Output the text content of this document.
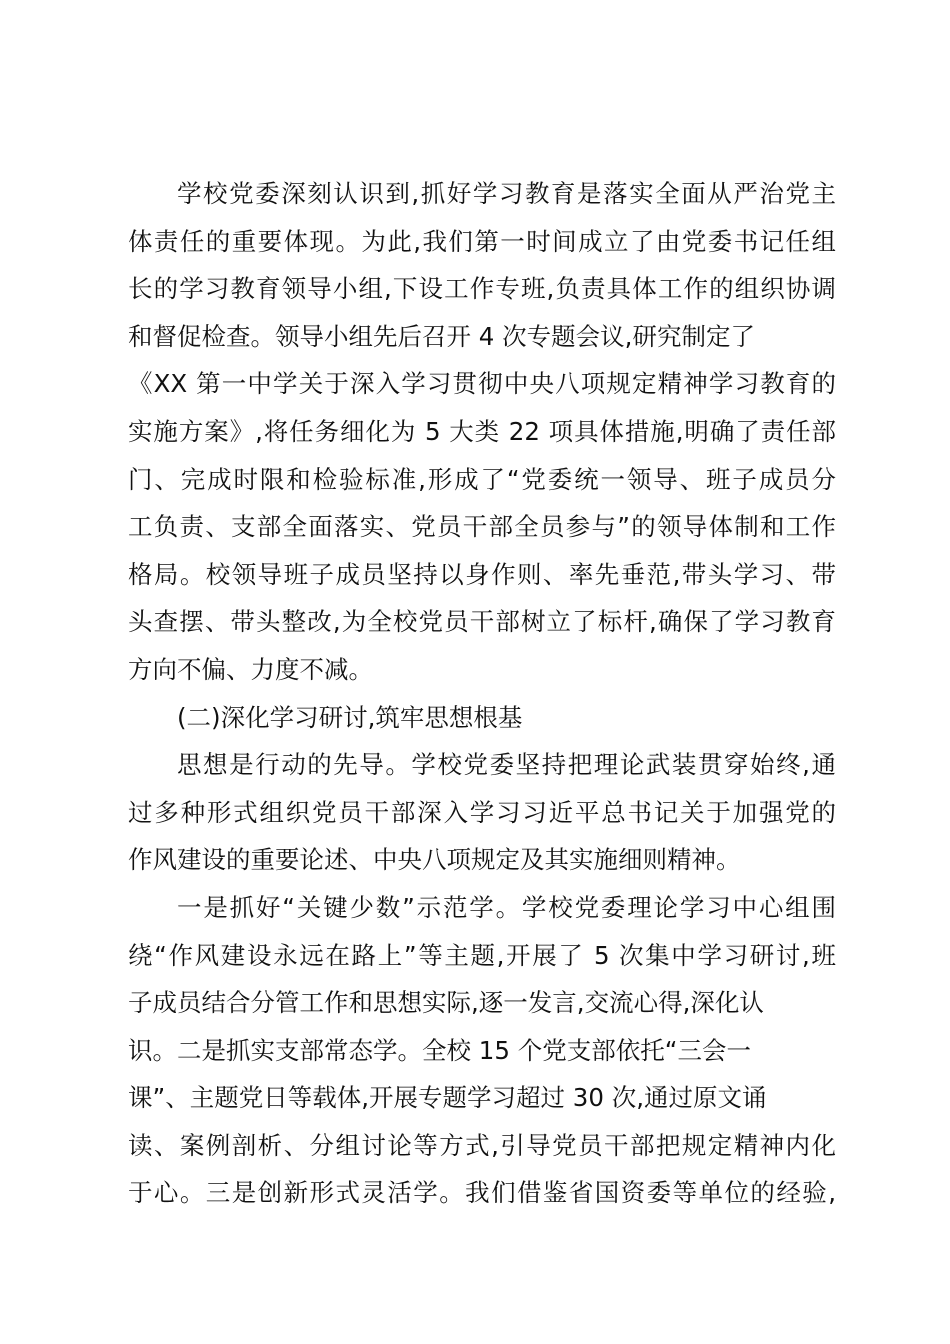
学校党委深刻认识到,抓好学习教育是落实全面从严治党主
体责任的重要体现。为此,我们第一时间成立了由党委书记任组
长的学习教育领导小组,下设工作专班,负责具体工作的组织协调
和督促检查。领导小组先后召开 4 次专题会议,研究制定了
《XX 第一中学关于深入学习贯彻中央八项规定精神学习教育的
实施方案》,将任务细化为 5 大类 22 项具体措施,明确了责任部
门、完成时限和检验标准,形成了“党委统一领导、班子成员分
工负责、支部全面落实、党员干部全员参与”的领导体制和工作
格局。校领导班子成员坚持以身作则、率先垂范,带头学习、带
头查摆、带头整改,为全校党员干部树立了标杆,确保了学习教育
方向不偏、力度不减。
(二)深化学习研讨,筑牢思想根基
思想是行动的先导。学校党委坚持把理论武装贯穿始终,通
过多种形式组织党员干部深入学习习近平总书记关于加强党的
作风建设的重要论述、中央八项规定及其实施细则精神。
一是抓好“关键少数”示范学。学校党委理论学习中心组围
绕“作风建设永远在路上”等主题,开展了 5 次集中学习研讨,班
子成员结合分管工作和思想实际,逐一发言,交流心得,深化认
识。二是抓实支部常态学。全校 15 个党支部依托“三会一
课”、主题党日等载体,开展专题学习超过 30 次,通过原文诵
读、案例剖析、分组讨论等方式,引导党员干部把规定精神内化
于心。三是创新形式灵活学。我们借鉴省国资委等单位的经验,
